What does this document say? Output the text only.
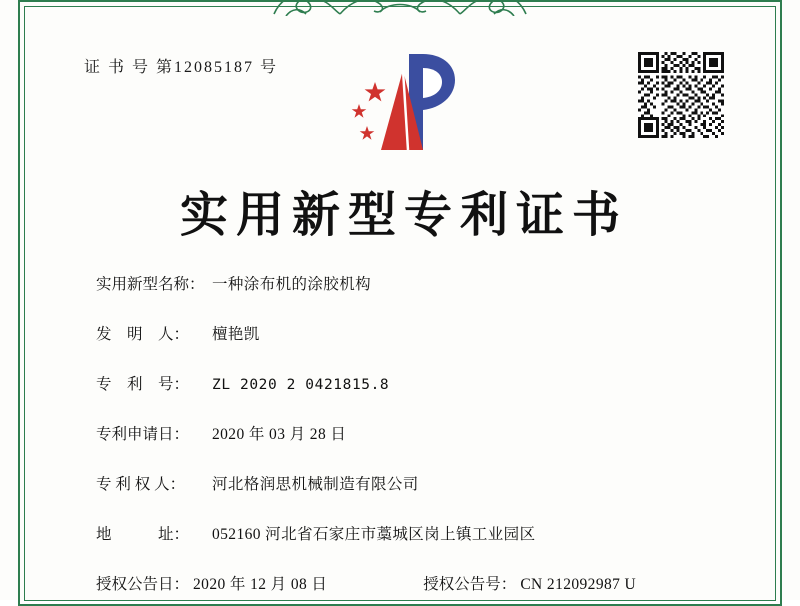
证 书 号 第12085187 号
实用新型专利证书
实用新型名称： 一种涂布机的涂胶机构
发　明　人：	檀艳凯
专　利　号：	ZL 2020 2 0421815.8
专利申请日：	2020 年 03 月 28 日
专 利 权 人：	河北格润思机械制造有限公司
地　　　址：	052160 河北省石家庄市藁城区岗上镇工业园区
授权公告日： 2020 年 12 月 08 日	授权公告号： CN 212092987 U
